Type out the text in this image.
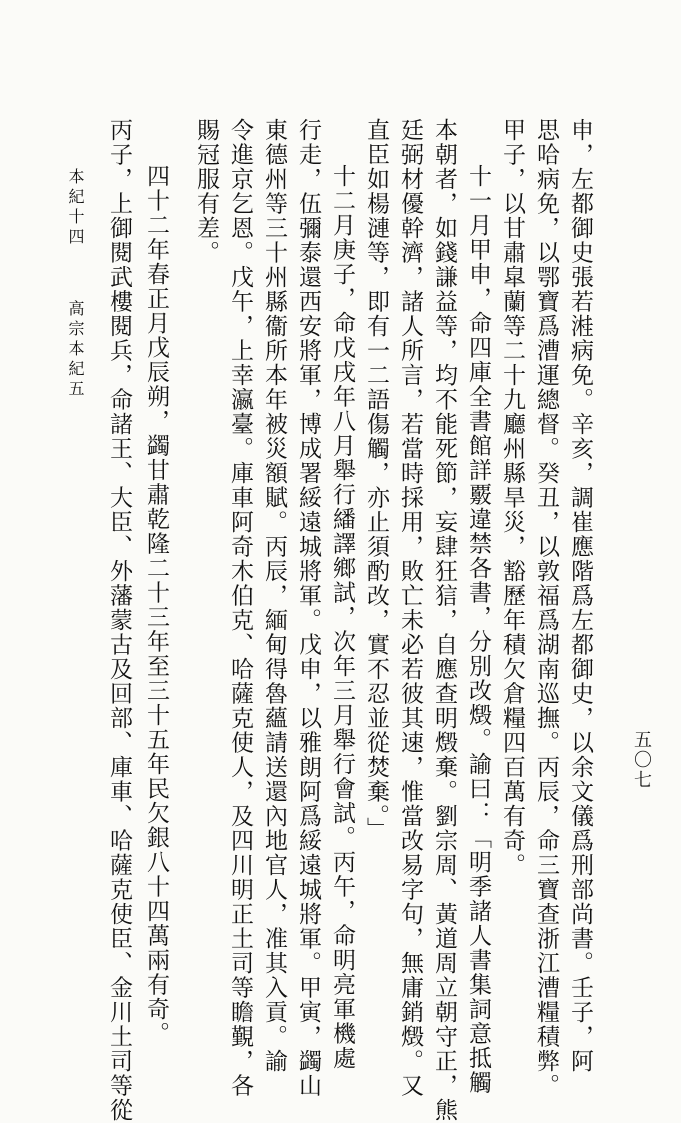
本紀十四
高宗本紀五
五〇七
申，左都御史張若溎病免。辛亥，調崔應階爲左都御史，以余文儀爲刑部尚書。壬子，阿
思哈病免，以鄂寶爲漕運總督。癸丑，以敦福爲湖南巡撫。丙辰，命三寶查浙江漕糧積弊。
甲子，以甘肅皐蘭等二十九廳州縣旱災，豁歷年積欠倉糧四百萬有奇。
十一月甲申，命四庫全書館詳覈違禁各書，分別改燬。諭曰：「明季諸人書集詞意抵觸
本朝者，如錢謙益等，均不能死節，妄肆狂狺，自應查明燬棄。劉宗周、黃道周立朝守正，熊
廷弼材優幹濟，諸人所言，若當時採用，敗亡未必若彼其速，惟當改易字句，無庸銷燬。又
直臣如楊漣等，即有一二語傷觸，亦止須酌改，實不忍並從焚棄。」
十二月庚子，命戊戌年八月舉行繙譯鄉試，次年三月舉行會試。丙午，命明亮軍機處
行走，伍彌泰還西安將軍，博成署綏遠城將軍。戊申，以雅朗阿爲綏遠城將軍。甲寅，蠲山
東德州等三十州縣衞所本年被災額賦。丙辰，緬甸得魯蘊請送還內地官人，准其入貢。諭
令進京乞恩。戊午，上幸瀛臺。庫車阿奇木伯克、哈薩克使人，及四川明正土司等瞻覲，各
賜冠服有差。
四十二年春正月戊辰朔，蠲甘肅乾隆二十三年至三十五年民欠銀八十四萬兩有奇。
丙子，上御閱武樓閱兵，命諸王、大臣、外藩蒙古及回部、庫車、哈薩克使臣、金川土司等從
